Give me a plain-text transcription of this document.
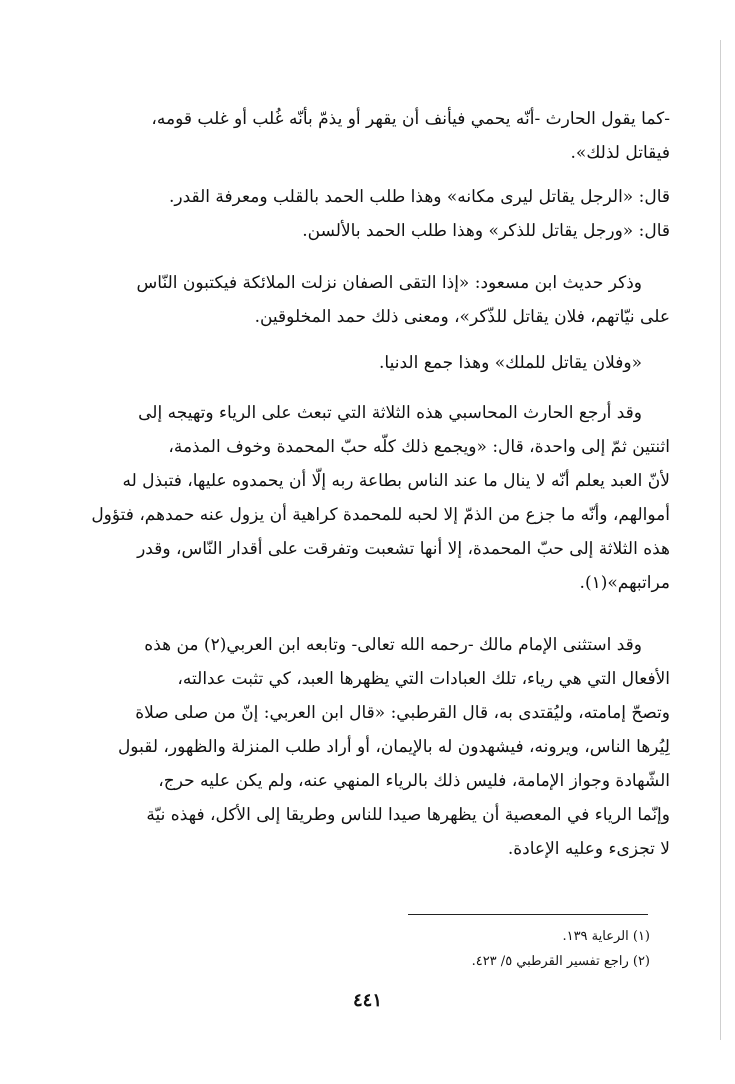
-كما يقول الحارث -أنّه يحمي فيأنف أن يقهر أو يذمّ بأنّه غُلب أو غلب قومه،
فيقاتل لذلك».
قال: «الرجل يقاتل ليرى مكانه» وهذا طلب الحمد بالقلب ومعرفة القدر.
قال: «ورجل يقاتل للذكر» وهذا طلب الحمد بالألسن.
وذكر حديث ابن مسعود: «إذا التقى الصفان نزلت الملائكة فيكتبون النّاس
على نيّاتهم، فلان يقاتل للذّكر»، ومعنى ذلك حمد المخلوقين.
«وفلان يقاتل للملك» وهذا جمع الدنيا.
وقد أرجع الحارث المحاسبي هذه الثلاثة التي تبعث على الرياء وتهيجه إلى
اثنتين ثمّ إلى واحدة، قال: «ويجمع ذلك كلّه حبّ المحمدة وخوف المذمة،
لأنّ العبد يعلم أنّه لا ينال ما عند الناس بطاعة ربه إلّا أن يحمدوه عليها، فتبذل له
أموالهم، وأنّه ما جزع من الذمّ إلا لحبه للمحمدة كراهية أن يزول عنه حمدهم، فتؤول
هذه الثلاثة إلى حبّ المحمدة، إلا أنها تشعبت وتفرقت على أقدار النّاس، وقدر
مراتبهم»(١).
وقد استثنى الإمام مالك -رحمه الله تعالى- وتابعه ابن العربي(٢) من هذه
الأفعال التي هي رياء، تلك العبادات التي يظهرها العبد، كي تثبت عدالته،
وتصحّ إمامته، وليُقتدى به، قال القرطبي: «قال ابن العربي: إنّ من صلى صلاة
لِيُرها الناس، ويرونه، فيشهدون له بالإيمان، أو أراد طلب المنزلة والظهور، لقبول
الشّهادة وجواز الإمامة، فليس ذلك بالرياء المنهي عنه، ولم يكن عليه حرج،
وإنّما الرياء في المعصية أن يظهرها صيدا للناس وطريقا إلى الأكل، فهذه نيّة
لا تجزىء وعليه الإعادة.
(١) الرعاية ١٣٩.
(٢) راجع تفسير القرطبي ٥/ ٤٢٣.
٤٤١
